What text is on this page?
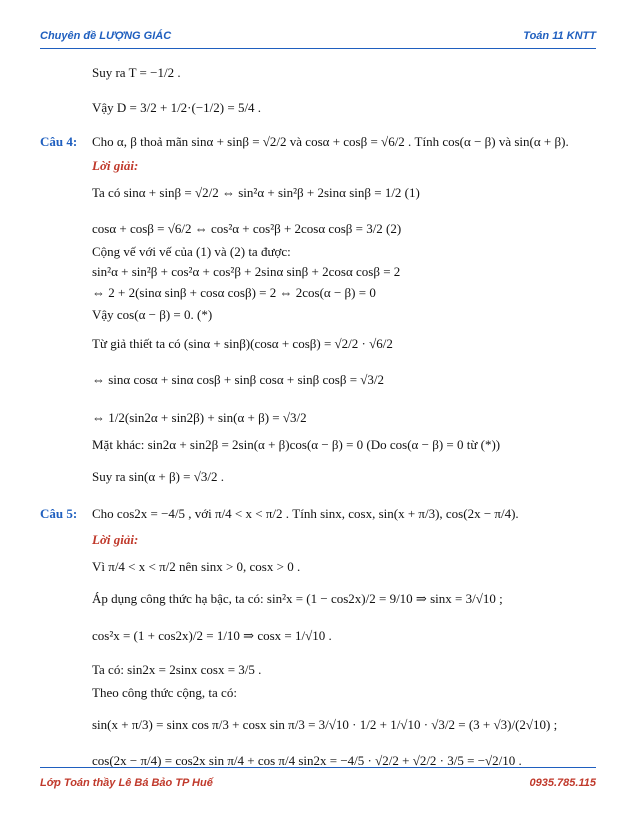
Chuyên đề LƯỢNG GIÁC	Toán 11 KNTT
Suy ra T = −1/2 .
Vậy D = 3/2 + 1/2·(−1/2) = 5/4 .
Câu 4: Cho α, β thoả mãn sinα + sinβ = √2/2 và cosα + cosβ = √6/2 . Tính cos(α − β) và sin(α + β).
Lời giải:
Ta có sinα + sinβ = √2/2 ⇔ sin²α + sin²β + 2sinα sinβ = 1/2 (1)
cosα + cosβ = √6/2 ⇔ cos²α + cos²β + 2cosα cosβ = 3/2 (2)
Cộng vế với vế của (1) và (2) ta được:
sin²α + sin²β + cos²α + cos²β + 2sinα sinβ + 2cosα cosβ = 2
⇔ 2 + 2(sinα sinβ + cosα cosβ) = 2 ⇔ 2cos(α − β) = 0
Vậy cos(α − β) = 0. (*)
Từ giả thiết ta có (sinα + sinβ)(cosα + cosβ) = √2/2 · √6/2
⇔ sinα cosα + sinα cosβ + sinβ cosα + sinβ cosβ = √3/2
⇔ 1/2(sin2α + sin2β) + sin(α + β) = √3/2
Mặt khác: sin2α + sin2β = 2sin(α + β)cos(α − β) = 0 (Do cos(α − β) = 0 từ (*))
Suy ra sin(α + β) = √3/2 .
Câu 5: Cho cos2x = −4/5 , với π/4 < x < π/2 . Tính sinx, cosx, sin(x + π/3), cos(2x − π/4).
Lời giải:
Vì π/4 < x < π/2 nên sinx > 0, cosx > 0 .
Áp dụng công thức hạ bậc, ta có: sin²x = (1 − cos2x)/2 = 9/10 ⇒ sinx = 3/√10 ;
cos²x = (1 + cos2x)/2 = 1/10 ⇒ cosx = 1/√10 .
Ta có: sin2x = 2sinx cosx = 3/5 .
Theo công thức cộng, ta có:
sin(x + π/3) = sinx cos π/3 + cosx sin π/3 = 3/√10 · 1/2 + 1/√10 · √3/2 = (3 + √3)/(2√10) ;
cos(2x − π/4) = cos2x sin π/4 + cos π/4 sin2x = −4/5 · √2/2 + √2/2 · 3/5 = −√2/10 .
Lớp Toán thầy Lê Bá Bảo TP Huế	0935.785.115
